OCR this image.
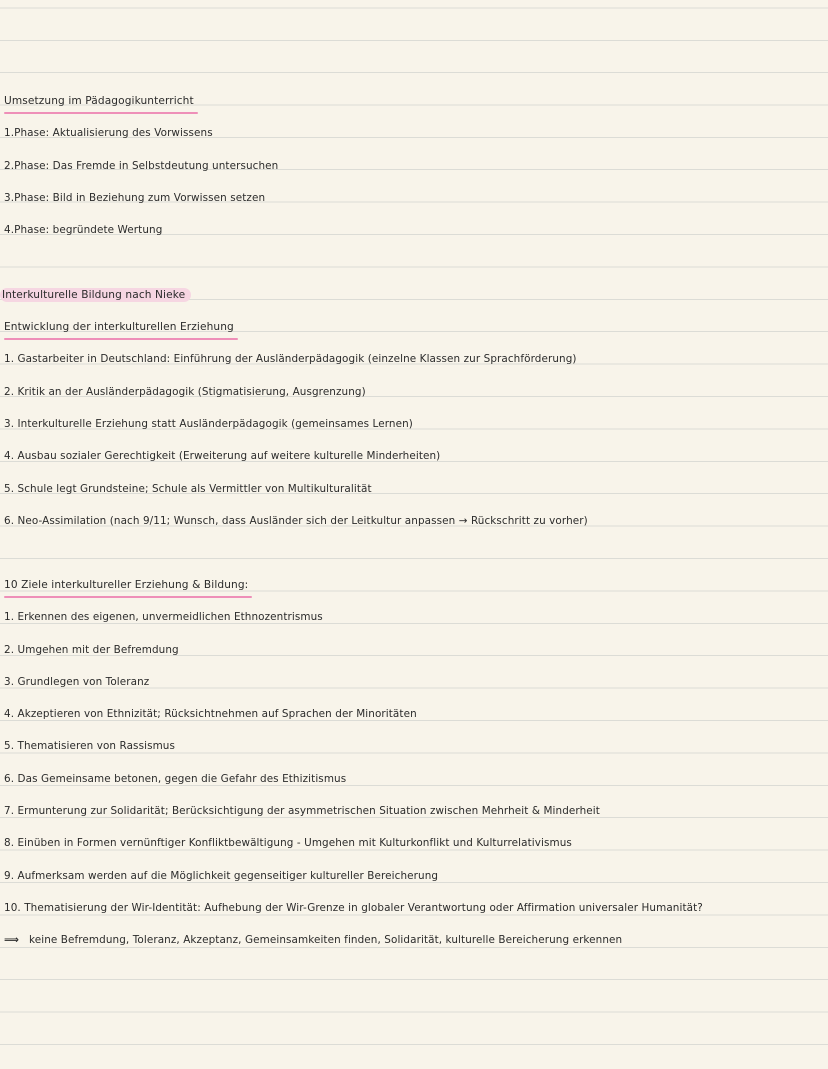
Umsetzung im Pädagogikunterricht
1.Phase: Aktualisierung des Vorwissens
2.Phase: Das Fremde in Selbstdeutung untersuchen
3.Phase: Bild in Beziehung zum Vorwissen setzen
4.Phase: begründete Wertung
Interkulturelle Bildung nach Nieke
Entwicklung der interkulturellen Erziehung
1. Gastarbeiter in Deutschland: Einführung der Ausländerpädagogik (einzelne Klassen zur Sprachförderung)
2. Kritik an der Ausländerpädagogik (Stigmatisierung, Ausgrenzung)
3. Interkulturelle Erziehung statt Ausländerpädagogik (gemeinsames Lernen)
4. Ausbau sozialer Gerechtigkeit (Erweiterung auf weitere kulturelle Minderheiten)
5. Schule legt Grundsteine; Schule als Vermittler von Multikulturalität
6. Neo-Assimilation (nach 9/11; Wunsch, dass Ausländer sich der Leitkultur anpassen → Rückschritt zu vorher)
10 Ziele interkultureller Erziehung & Bildung:
1. Erkennen des eigenen, unvermeidlichen Ethnozentrismus
2. Umgehen mit der Befremdung
3. Grundlegen von Toleranz
4. Akzeptieren von Ethnizität; Rücksichtnehmen auf Sprachen der Minoritäten
5. Thematisieren von Rassismus
6. Das Gemeinsame betonen, gegen die Gefahr des Ethizitismus
7. Ermunterung zur Solidarität; Berücksichtigung der asymmetrischen Situation zwischen Mehrheit & Minderheit
8. Einüben in Formen vernünftiger Konfliktbewältigung - Umgehen mit Kulturkonflikt und Kulturrelativismus
9. Aufmerksam werden auf die Möglichkeit gegenseitiger kultureller Bereicherung
10. Thematisierung der Wir-Identität: Aufhebung der Wir-Grenze in globaler Verantwortung oder Affirmation universaler Humanität?
⟹ keine Befremdung, Toleranz, Akzeptanz, Gemeinsamkeiten finden, Solidarität, kulturelle Bereicherung erkennen
